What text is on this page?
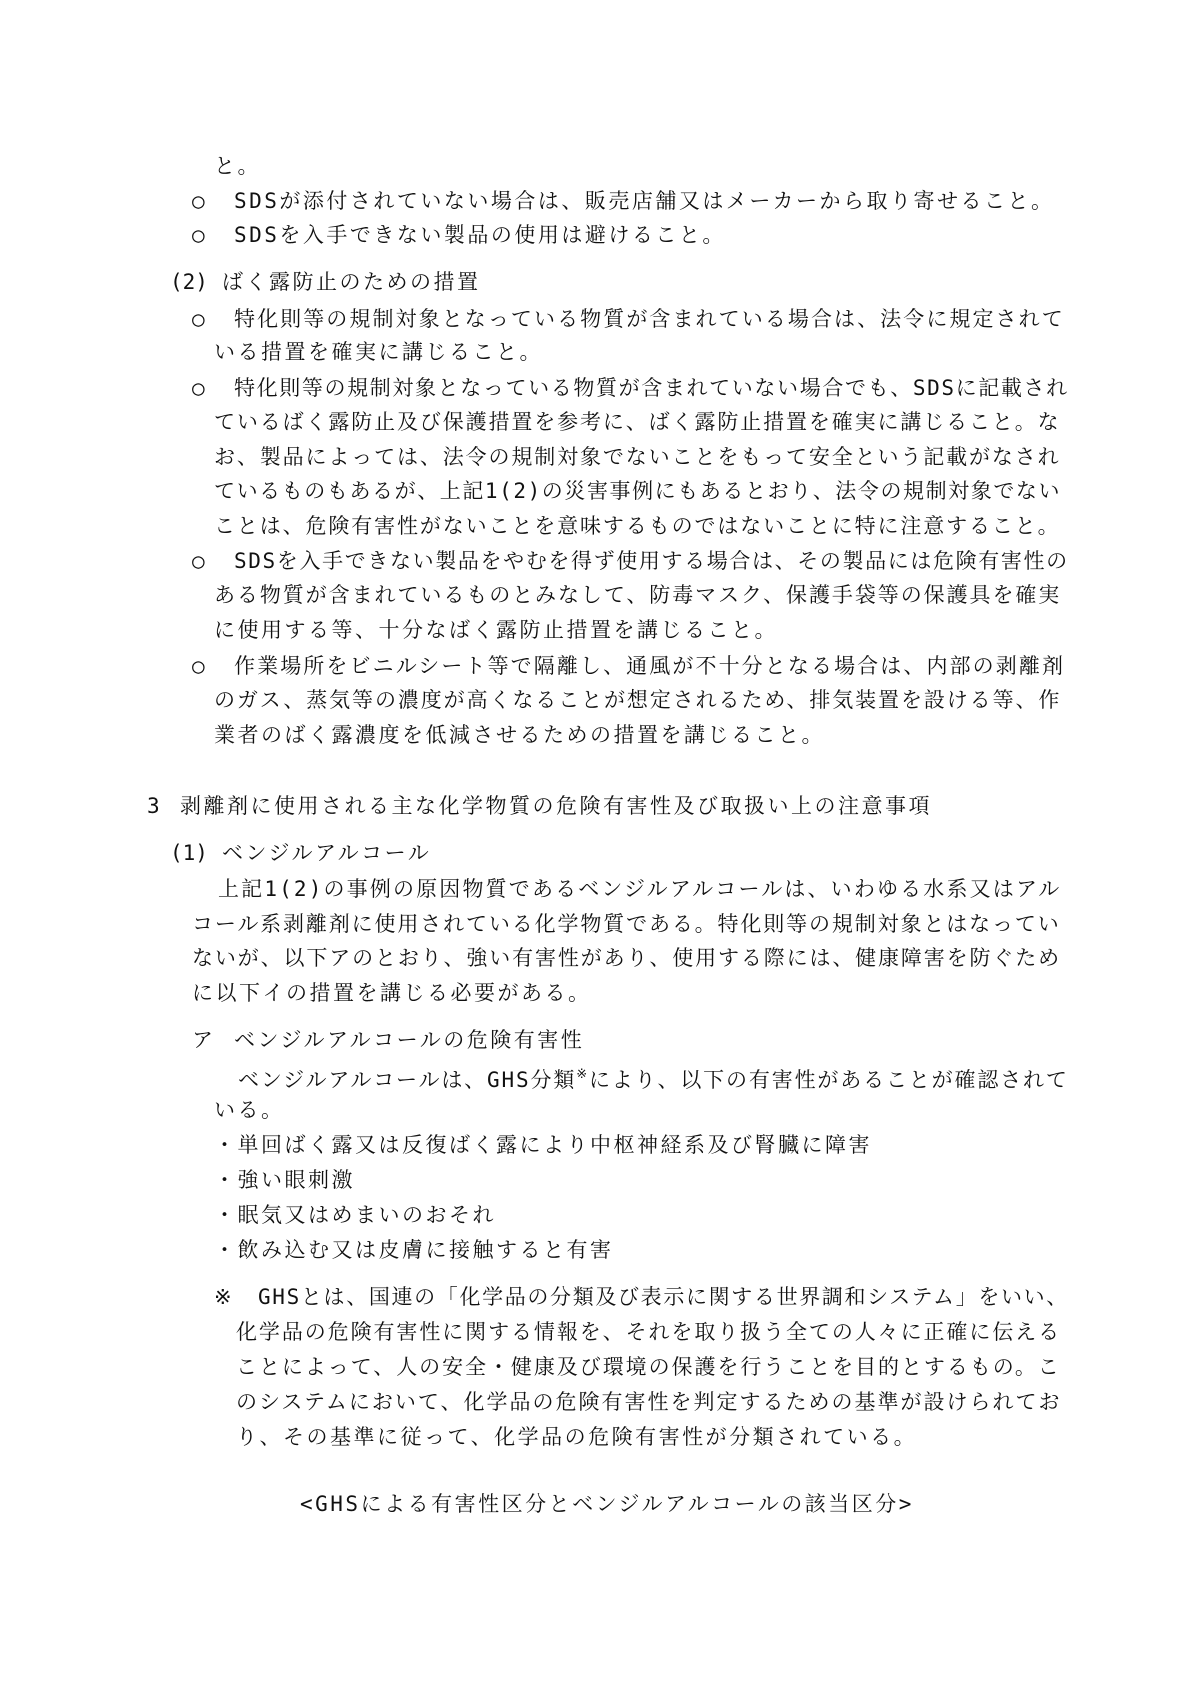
と。
○ SDSが添付されていない場合は、販売店舗又はメーカーから取り寄せること。
○ SDSを入手できない製品の使用は避けること。
(2) ばく露防止のための措置
○ 特化則等の規制対象となっている物質が含まれている場合は、法令に規定されて
いる措置を確実に講じること。
○ 特化則等の規制対象となっている物質が含まれていない場合でも、SDSに記載され
ているばく露防止及び保護措置を参考に、ばく露防止措置を確実に講じること。な
お、製品によっては、法令の規制対象でないことをもって安全という記載がなされ
ているものもあるが、上記1(2)の災害事例にもあるとおり、法令の規制対象でない
ことは、危険有害性がないことを意味するものではないことに特に注意すること。
○ SDSを入手できない製品をやむを得ず使用する場合は、その製品には危険有害性の
ある物質が含まれているものとみなして、防毒マスク、保護手袋等の保護具を確実
に使用する等、十分なばく露防止措置を講じること。
○ 作業場所をビニルシート等で隔離し、通風が不十分となる場合は、内部の剥離剤
のガス、蒸気等の濃度が高くなることが想定されるため、排気装置を設ける等、作
業者のばく露濃度を低減させるための措置を講じること。
3 剥離剤に使用される主な化学物質の危険有害性及び取扱い上の注意事項
(1) ベンジルアルコール
上記1(2)の事例の原因物質であるベンジルアルコールは、いわゆる水系又はアル
コール系剥離剤に使用されている化学物質である。特化則等の規制対象とはなってい
ないが、以下アのとおり、強い有害性があり、使用する際には、健康障害を防ぐため
に以下イの措置を講じる必要がある。
ア ベンジルアルコールの危険有害性
ベンジルアルコールは、GHS分類※により、以下の有害性があることが確認されて
いる。
・単回ばく露又は反復ばく露により中枢神経系及び腎臓に障害
・強い眼刺激
・眠気又はめまいのおそれ
・飲み込む又は皮膚に接触すると有害
※ GHSとは、国連の「化学品の分類及び表示に関する世界調和システム」をいい、
化学品の危険有害性に関する情報を、それを取り扱う全ての人々に正確に伝える
ことによって、人の安全・健康及び環境の保護を行うことを目的とするもの。こ
のシステムにおいて、化学品の危険有害性を判定するための基準が設けられてお
り、その基準に従って、化学品の危険有害性が分類されている。
<GHSによる有害性区分とベンジルアルコールの該当区分>
